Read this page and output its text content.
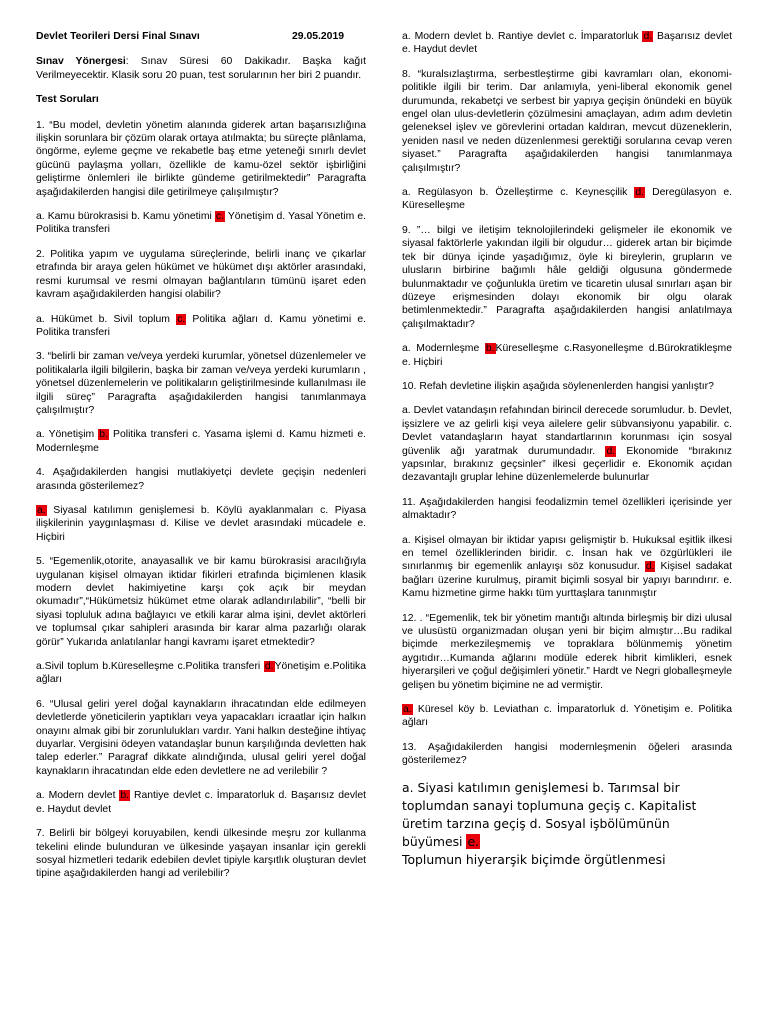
Devlet Teorileri Dersi Final Sınavı	29.05.2019

Sınav Yönergesi: Sınav Süresi 60 Dakikadır. Başka kağıt Verilmeyecektir. Klasik soru 20 puan, test sorularının her biri 2 puandır.

Test Soruları

1. “Bu model, devletin yönetim alanında giderek artan başarısızlığına ilişkin sorunlara bir çözüm olarak ortaya atılmakta; bu süreçte plânlama, öngörme, eyleme geçme ve rekabetle baş etme yeteneği sınırlı devlet gücünü paylaşma yolları, özellikle de kamu-özel sektör işbirliğini geliştirme önlemleri ile birlikte gündeme getirilmektedir” Paragrafta aşağıdakilerden hangisi dile getirilmeye çalışılmıştır?

a. Kamu bürokrasisi b. Kamu yönetimi c. Yönetişim d. Yasal Yönetim e. Politika transferi

2. Politika yapım ve uygulama süreçlerinde, belirli inanç ve çıkarlar etrafında bir araya gelen hükümet ve hükümet dışı aktörler arasındaki, resmi kurumsal ve resmi olmayan bağlantıların tümünü işaret eden kavram aşağıdakilerden hangisi olabilir?

a. Hükümet b. Sivil toplum c. Politika ağları d. Kamu yönetimi e. Politika transferi

3. “belirli bir zaman ve/veya yerdeki kurumlar, yönetsel düzenlemeler ve politikalarla ilgili bilgilerin, başka bir zaman ve/veya yerdeki kurumların , yönetsel düzenlemelerin ve politikaların geliştirilmesinde kullanılması ile ilgili süreç” Paragrafta aşağıdakilerden hangisi tanımlanmaya çalışılmıştır?

a. Yönetişim b. Politika transferi c. Yasama işlemi d. Kamu hizmeti e. Modernleşme

4. Aşağıdakilerden hangisi mutlakiyetçi devlete geçişin nedenleri arasında gösterilemez?

a. Siyasal katılımın genişlemesi b. Köylü ayaklanmaları c. Piyasa ilişkilerinin yaygınlaşması d. Kilise ve devlet arasındaki mücadele e. Hiçbiri

5. “Egemenlik,otorite, anayasallık ve bir kamu bürokrasisi aracılığıyla uygulanan kişisel olmayan iktidar fikirleri etrafında biçimlenen klasik modern devlet hakimiyetine karşı çok açık bir meydan okumadır”,“Hükümetsiz hükümet etme olarak adlandırılabilir”, “belli bir siyasi topluluk adına bağlayıcı ve etkili karar alma işini, devlet aktörleri ve toplumsal çıkar sahipleri arasında bir karar alma pazarlığı olarak görür” Yukarıda anlatılanlar hangi kavramı işaret etmektedir?

a.Sivil toplum b.Küreselleşme c.Politika transferi d.Yönetişim e.Politika ağları

6. “Ulusal geliri yerel doğal kaynakların ihracatından elde edilmeyen devletlerde yöneticilerin yaptıkları veya yapacakları icraatlar için halkın onayını almak gibi bir zorunlulukları vardır. Yani halkın desteğine ihtiyaç duyarlar. Vergisini ödeyen vatandaşlar bunun karşılığında devletten hak talep ederler.” Paragraf dikkate alındığında, ulusal geliri yerel doğal kaynakların ihracatından elde eden devletlere ne ad verilebilir ?

a. Modern devlet b. Rantiye devlet c. İmparatorluk d. Başarısız devlet e. Haydut devlet

7. Belirli bir bölgeyi koruyabilen, kendi ülkesinde meşru zor kullanma tekelini elinde bulunduran ve ülkesinde yaşayan insanlar için gerekli sosyal hizmetleri tedarik edebilen devlet tipiyle karşıtlık oluşturan devlet tipine aşağıdakilerden hangi ad verilebilir?

a. Modern devlet b. Rantiye devlet c. İmparatorluk d. Başarısız devlet e. Haydut devlet

8. “kuralsızlaştırma, serbestleştirme gibi kavramları olan, ekonomi-politikle ilgili bir terim. Dar anlamıyla, yeni-liberal ekonomik genel durumunda, rekabetçi ve serbest bir yapıya geçişin önündeki en büyük engel olan ulus-devletlerin çözülmesini amaçlayan, adım adım devletin geleneksel işlev ve görevlerini ortadan kaldıran, mevcut düzeneklerin, yeniden nasıl ve neden düzenlenmesi gerektiği sorularına cevap veren siyaset.” Paragrafta aşağıdakilerden hangisi tanımlanmaya çalışılmıştır?

a. Regülasyon b. Özelleştirme c. Keynesçilik d. Deregülasyon e. Küreselleşme

9. ”… bilgi ve iletişim teknolojilerindeki gelişmeler ile ekonomik ve siyasal faktörlerle yakından ilgili bir olgudur… giderek artan bir biçimde tek bir dünya içinde yaşadığımız, öyle ki bireylerin, grupların ve ulusların birbirine bağımlı hâle geldiği olgusuna göndermede bulunmaktadır ve çoğunlukla üretim ve ticaretin ulusal sınırları aşan bir düzeye erişmesinden dolayı ekonomik bir olgu olarak betimlenmektedir.” Paragrafta aşağıdakilerden hangisi anlatılmaya çalışılmaktadır?

a. Modernleşme b.Küreselleşme c.Rasyonelleşme d.Bürokratikleşme e. Hiçbiri

10. Refah devletine ilişkin aşağıda söylenenlerden hangisi yanlıştır?

a. Devlet vatandaşın refahından birincil derecede sorumludur. b. Devlet, işsizlere ve az gelirli kişi veya ailelere gelir sübvansiyonu yapabilir. c. Devlet vatandaşların hayat standartlarının korunması için sosyal güvenlik ağı yaratmak durumundadır. d. Ekonomide “bırakınız yapsınlar, bırakınız geçsinler” ilkesi geçerlidir e. Ekonomik açıdan dezavantajlı gruplar lehine düzenlemelerde bulunurlar

11. Aşağıdakilerden hangisi feodalizmin temel özellikleri içerisinde yer almaktadır?

a. Kişisel olmayan bir iktidar yapısı gelişmiştir b. Hukuksal eşitlik ilkesi en temel özelliklerinden biridir. c. İnsan hak ve özgürlükleri ile sınırlanmış bir egemenlik anlayışı söz konusudur. d. Kişisel sadakat bağları üzerine kurulmuş, piramit biçimli sosyal bir yapıyı barındırır. e. Kamu hizmetine girme hakkı tüm yurttaşlara tanınmıştır

12. . “Egemenlik, tek bir yönetim mantığı altında birleşmiş bir dizi ulusal ve ulusüstü organizmadan oluşan yeni bir biçim almıştır…Bu radikal biçimde merkezileşmemiş ve topraklara bölünmemiş yönetim aygıtıdır…Kumanda ağlarını modüle ederek hibrit kimlikleri, esnek hiyerarşileri ve çoğul değişimleri yönetir.” Hardt ve Negri globalleşmeyle gelişen bu yönetim biçimine ne ad vermiştir.

a. Küresel köy b. Leviathan c. İmparatorluk d. Yönetişim e. Politika ağları

13. Aşağıdakilerden hangisi modernleşmenin öğeleri arasında gösterilemez?

a. Siyasi katılımın genişlemesi b. Tarımsal bir toplumdan sanayi toplumuna geçiş c. Kapitalist üretim tarzına geçiş d. Sosyal işbölümünün büyümesi e.
Toplumun hiyerarşik biçimde örgütlenmesi
